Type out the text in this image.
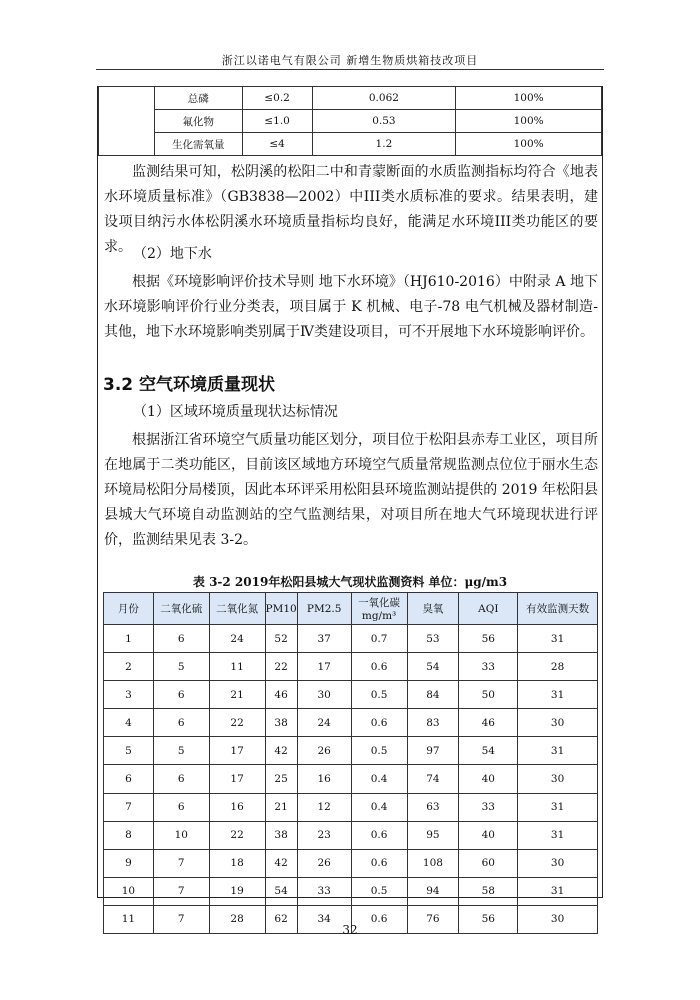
浙江以诺电气有限公司 新增生物质烘箱技改项目
	总磷	≤0.2	0.062	100%
	氟化物	≤1.0	0.53	100%
	生化需氧量	≤4	1.2	100%
监测结果可知，松阴溪的松阳二中和青蒙断面的水质监测指标均符合《地表水环境质量标准》（GB3838—2002）中III类水质标准的要求。结果表明，建设项目纳污水体松阴溪水环境质量指标均良好，能满足水环境III类功能区的要求。 （2）地下水
根据《环境影响评价技术导则 地下水环境》（HJ610-2016）中附录 A 地下水环境影响评价行业分类表，项目属于 K 机械、电子-78 电气机械及器材制造-其他，地下水环境影响类别属于Ⅳ类建设项目，可不开展地下水环境影响评价。
3.2 空气环境质量现状
（1）区域环境质量现状达标情况
根据浙江省环境空气质量功能区划分，项目位于松阳县赤寿工业区，项目所在地属于二类功能区，目前该区域地方环境空气质量常规监测点位位于丽水生态环境局松阳分局楼顶，因此本环评采用松阳县环境监测站提供的 2019 年松阳县县城大气环境自动监测站的空气监测结果，对项目所在地大气环境现状进行评价，监测结果见表 3-2。
表 3-2 2019年松阳县城大气现状监测资料 单位：μg/m3
月份	二氧化硫	二氧化氮	PM10	PM2.5	一氧化碳 mg/m³	臭氧	AQI	有效监测天数
1	6	24	52	37	0.7	53	56	31
2	5	11	22	17	0.6	54	33	28
3	6	21	46	30	0.5	84	50	31
4	6	22	38	24	0.6	83	46	30
5	5	17	42	26	0.5	97	54	31
6	6	17	25	16	0.4	74	40	30
7	6	16	21	12	0.4	63	33	31
8	10	22	38	23	0.6	95	40	31
9	7	18	42	26	0.6	108	60	30
10	7	19	54	33	0.5	94	58	31
11	7	28	62	34	0.6	76	56	30
32
